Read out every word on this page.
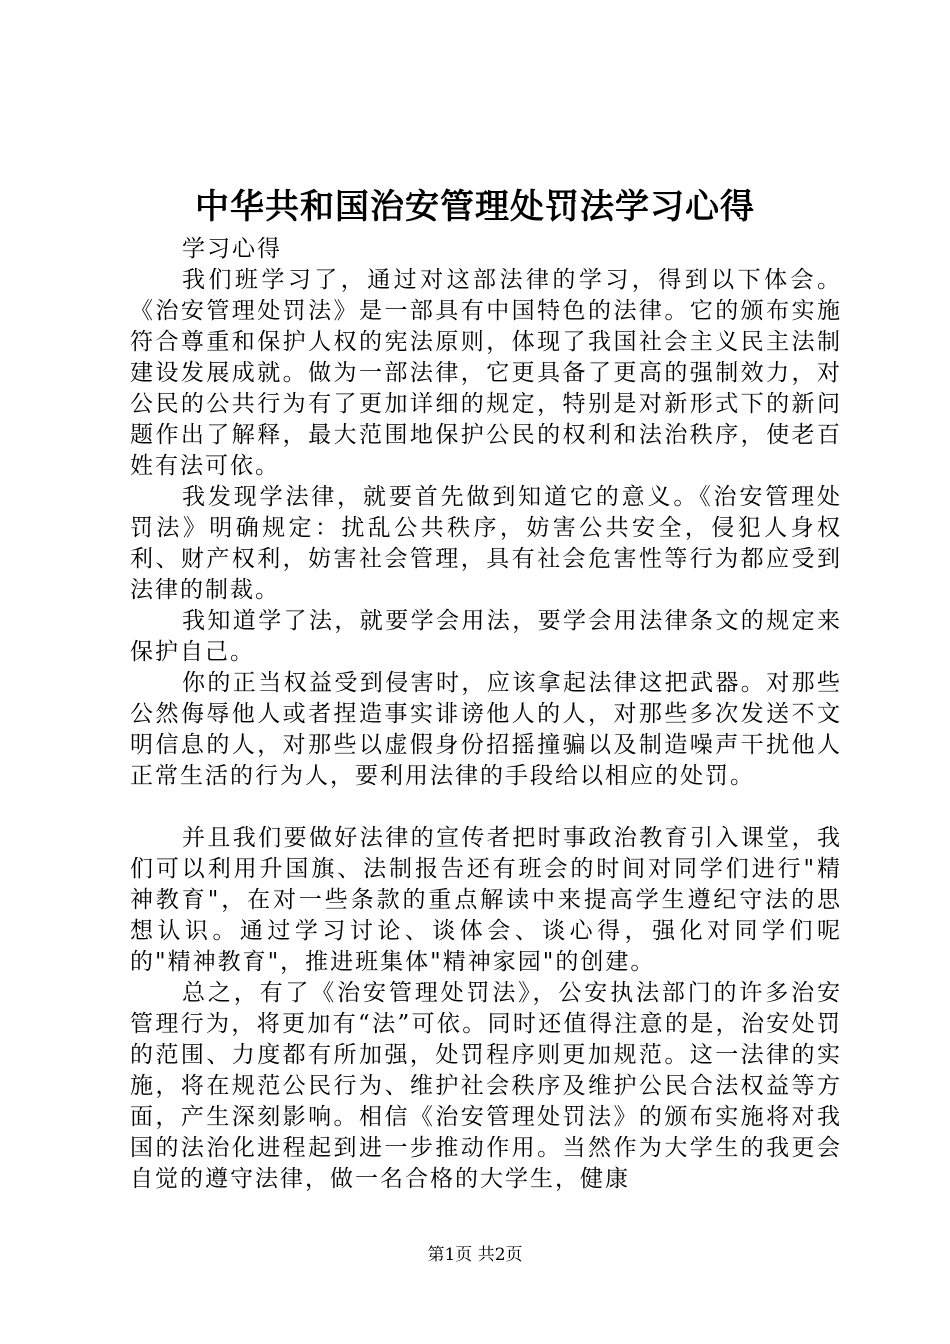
中华共和国治安管理处罚法学习心得

学习心得

我们班学习了，通过对这部法律的学习，得到以下体会。《治安管理处罚法》是一部具有中国特色的法律。它的颁布实施符合尊重和保护人权的宪法原则，体现了我国社会主义民主法制建设发展成就。做为一部法律，它更具备了更高的强制效力，对公民的公共行为有了更加详细的规定，特别是对新形式下的新问题作出了解释，最大范围地保护公民的权利和法治秩序，使老百姓有法可依。

我发现学法律，就要首先做到知道它的意义。《治安管理处罚法》明确规定：扰乱公共秩序，妨害公共安全，侵犯人身权利、财产权利，妨害社会管理，具有社会危害性等行为都应受到法律的制裁。

我知道学了法，就要学会用法，要学会用法律条文的规定来保护自己。

你的正当权益受到侵害时，应该拿起法律这把武器。对那些公然侮辱他人或者捏造事实诽谤他人的人，对那些多次发送不文明信息的人，对那些以虚假身份招摇撞骗以及制造噪声干扰他人正常生活的行为人，要利用法律的手段给以相应的处罚。

并且我们要做好法律的宣传者把时事政治教育引入课堂，我们可以利用升国旗、法制报告还有班会的时间对同学们进行"精神教育"，在对一些条款的重点解读中来提高学生遵纪守法的思想认识。通过学习讨论、谈体会、谈心得，强化对同学们呢的"精神教育"，推进班集体"精神家园"的创建。

总之，有了《治安管理处罚法》，公安执法部门的许多治安管理行为，将更加有“法”可依。同时还值得注意的是，治安处罚的范围、力度都有所加强，处罚程序则更加规范。这一法律的实施，将在规范公民行为、维护社会秩序及维护公民合法权益等方面，产生深刻影响。相信《治安管理处罚法》的颁布实施将对我国的法治化进程起到进一步推动作用。当然作为大学生的我更会自觉的遵守法律，做一名合格的大学生，健康

第1页 共2页
